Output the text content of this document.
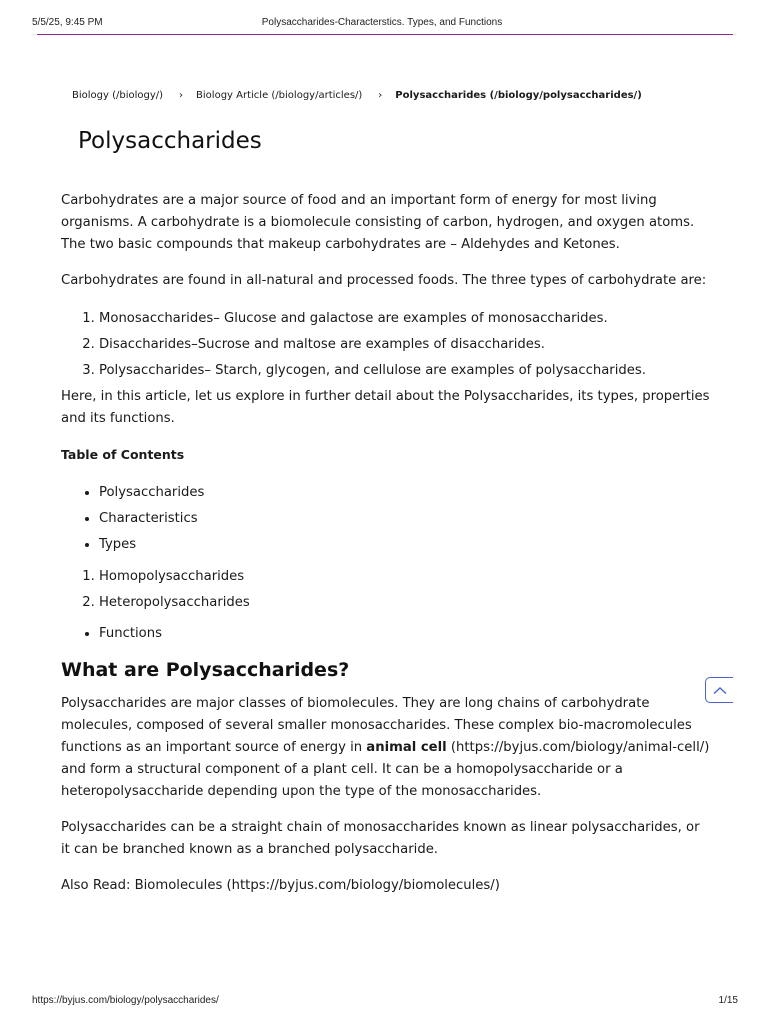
5/5/25, 9:45 PM	Polysaccharides-Characterstics. Types, and Functions
Biology (/biology/) › Biology Article (/biology/articles/) › Polysaccharides (/biology/polysaccharides/)
Polysaccharides

Carbohydrates are a major source of food and an important form of energy for most living organisms. A carbohydrate is a biomolecule consisting of carbon, hydrogen, and oxygen atoms. The two basic compounds that makeup carbohydrates are – Aldehydes and Ketones.

Carbohydrates are found in all-natural and processed foods. The three types of carbohydrate are:

1. Monosaccharides– Glucose and galactose are examples of monosaccharides.
2. Disaccharides–Sucrose and maltose are examples of disaccharides.
3. Polysaccharides– Starch, glycogen, and cellulose are examples of polysaccharides.

Here, in this article, let us explore in further detail about the Polysaccharides, its types, properties and its functions.

Table of Contents

• Polysaccharides
• Characteristics
• Types
1. Homopolysaccharides
2. Heteropolysaccharides
• Functions
What are Polysaccharides?

Polysaccharides are major classes of biomolecules. They are long chains of carbohydrate molecules, composed of several smaller monosaccharides. These complex bio-macromolecules functions as an important source of energy in animal cell (https://byjus.com/biology/animal-cell/) and form a structural component of a plant cell. It can be a homopolysaccharide or a heteropolysaccharide depending upon the type of the monosaccharides.

Polysaccharides can be a straight chain of monosaccharides known as linear polysaccharides, or it can be branched known as a branched polysaccharide.

Also Read: Biomolecules (https://byjus.com/biology/biomolecules/)

https://byjus.com/biology/polysaccharides/	1/15
